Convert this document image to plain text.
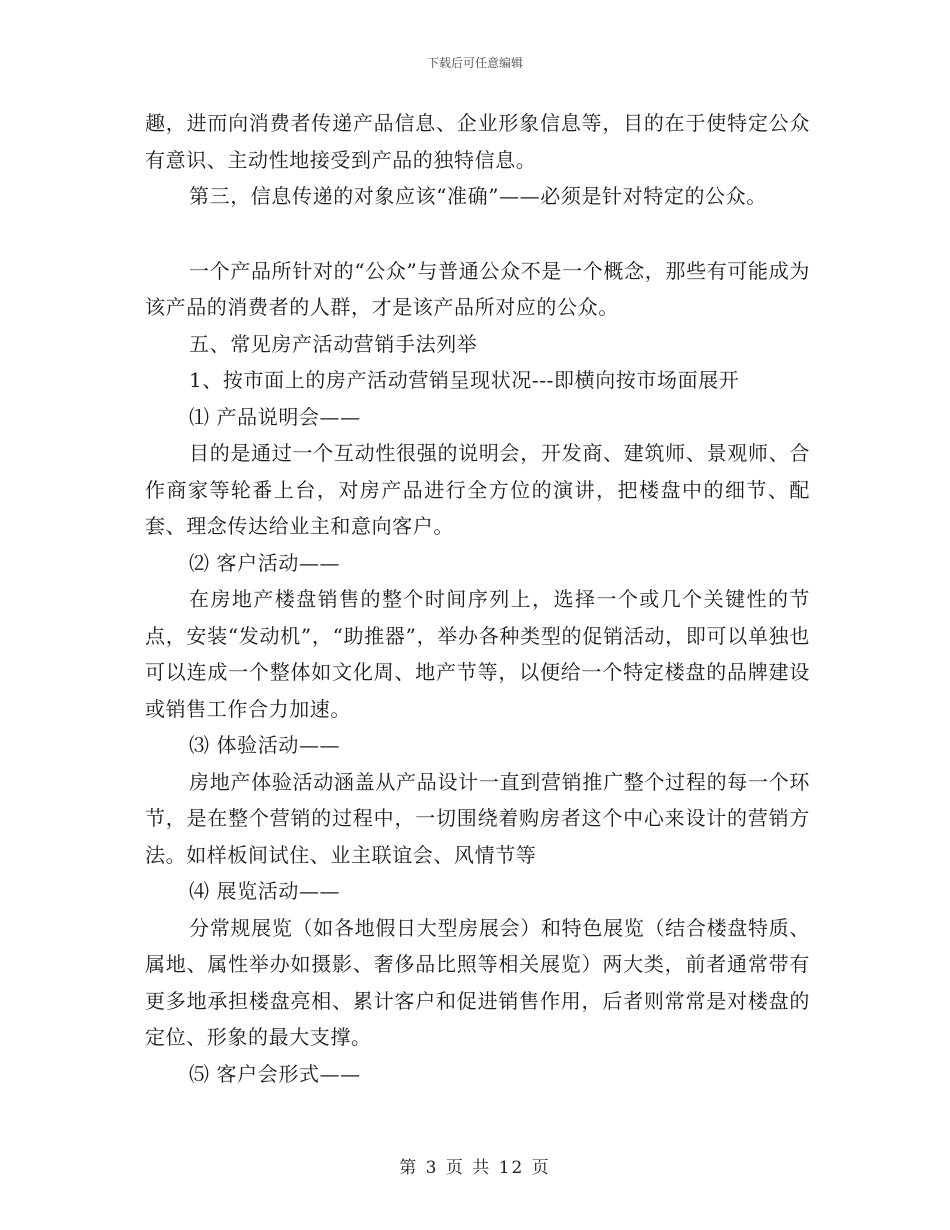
下载后可任意编辑

趣，进而向消费者传递产品信息、企业形象信息等，目的在于使特定公众有意识、主动性地接受到产品的独特信息。

第三，信息传递的对象应该“准确”——必须是针对特定的公众。

一个产品所针对的“公众”与普通公众不是一个概念，那些有可能成为该产品的消费者的人群，才是该产品所对应的公众。

五、常见房产活动营销手法列举

1、按市面上的房产活动营销呈现状况---即横向按市场面展开

⑴ 产品说明会——

目的是通过一个互动性很强的说明会，开发商、建筑师、景观师、合作商家等轮番上台，对房产品进行全方位的演讲，把楼盘中的细节、配套、理念传达给业主和意向客户。

⑵ 客户活动——

在房地产楼盘销售的整个时间序列上，选择一个或几个关键性的节点，安装“发动机”，“助推器”，举办各种类型的促销活动，即可以单独也可以连成一个整体如文化周、地产节等，以便给一个特定楼盘的品牌建设或销售工作合力加速。

⑶ 体验活动——

房地产体验活动涵盖从产品设计一直到营销推广整个过程的每一个环节，是在整个营销的过程中，一切围绕着购房者这个中心来设计的营销方法。如样板间试住、业主联谊会、风情节等

⑷ 展览活动——

分常规展览（如各地假日大型房展会）和特色展览（结合楼盘特质、属地、属性举办如摄影、奢侈品比照等相关展览）两大类，前者通常带有更多地承担楼盘亮相、累计客户和促进销售作用，后者则常常是对楼盘的定位、形象的最大支撑。

⑸ 客户会形式——

第 3 页 共 12 页
